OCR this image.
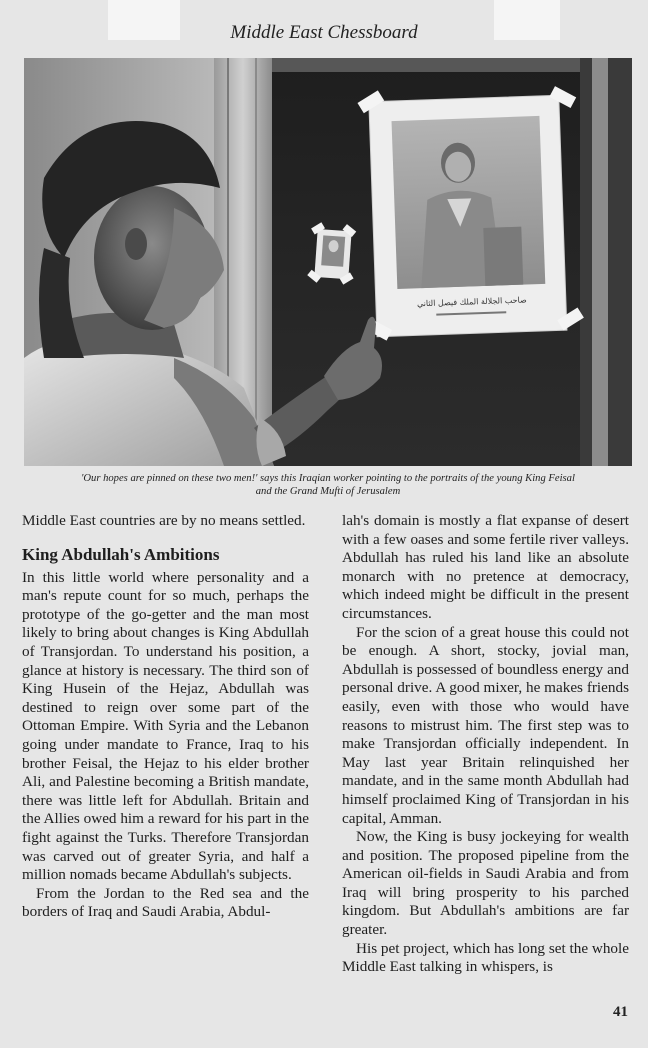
Middle East Chessboard
صاحب الجلالة الملك فيصل الثاني
'Our hopes are pinned on these two men!' says this Iraqian worker pointing to the portraits of the young King Feisal
and the Grand Mufti of Jerusalem

Middle East countries are by no means settled.

King Abdullah's Ambitions

In this little world where personality and a man's repute count for so much, perhaps the prototype of the go-getter and the man most likely to bring about changes is King Abdullah of Transjordan. To understand his position, a glance at history is necessary. The third son of King Husein of the Hejaz, Abdullah was destined to reign over some part of the Ottoman Empire. With Syria and the Lebanon going under mandate to France, Iraq to his brother Feisal, the Hejaz to his elder brother Ali, and Palestine becoming a British mandate, there was little left for Abdullah. Britain and the Allies owed him a reward for his part in the fight against the Turks. Therefore Transjordan was carved out of greater Syria, and half a million nomads became Abdullah's subjects.

From the Jordan to the Red sea and the borders of Iraq and Saudi Arabia, Abdul-

lah's domain is mostly a flat expanse of desert with a few oases and some fertile river valleys. Abdullah has ruled his land like an absolute monarch with no pretence at democracy, which indeed might be difficult in the present circumstances.

For the scion of a great house this could not be enough. A short, stocky, jovial man, Abdullah is possessed of boundless energy and personal drive. A good mixer, he makes friends easily, even with those who would have reasons to mistrust him. The first step was to make Transjordan officially independent. In May last year Britain relinquished her mandate, and in the same month Abdullah had himself proclaimed King of Transjordan in his capital, Amman.

Now, the King is busy jockeying for wealth and position. The proposed pipeline from the American oil-fields in Saudi Arabia and from Iraq will bring prosperity to his parched kingdom. But Abdullah's ambitions are far greater.

His pet project, which has long set the whole Middle East talking in whispers, is

41
